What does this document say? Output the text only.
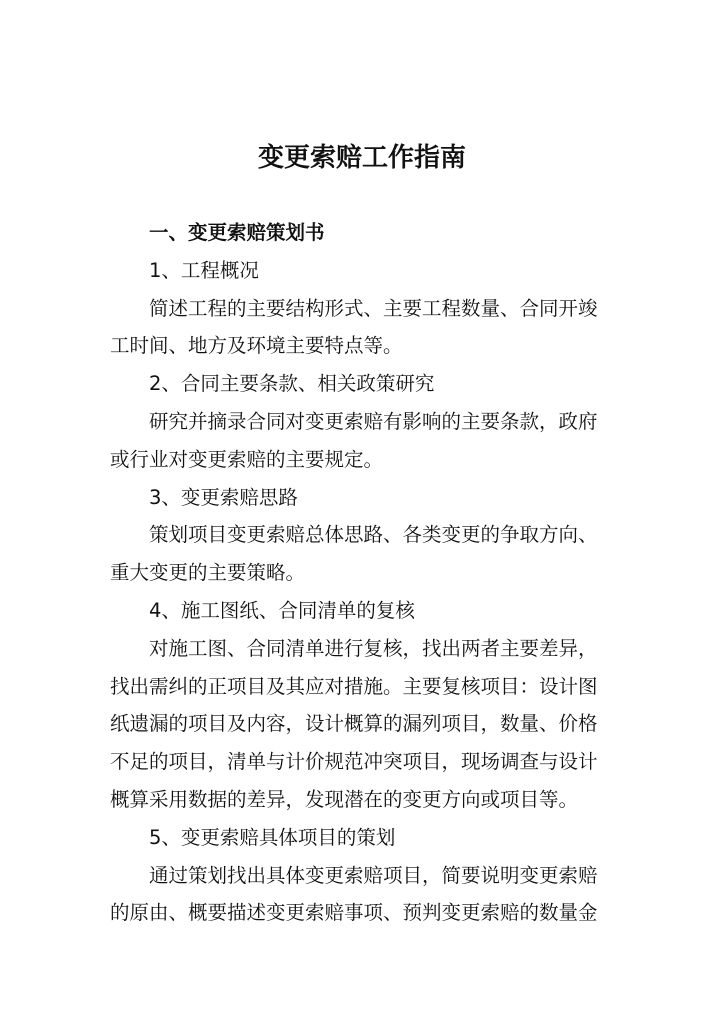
变更索赔工作指南
一、变更索赔策划书
1、工程概况
简述工程的主要结构形式、主要工程数量、合同开竣
工时间、地方及环境主要特点等。
2、合同主要条款、相关政策研究
研究并摘录合同对变更索赔有影响的主要条款，政府
或行业对变更索赔的主要规定。
3、变更索赔思路
策划项目变更索赔总体思路、各类变更的争取方向、
重大变更的主要策略。
4、施工图纸、合同清单的复核
对施工图、合同清单进行复核，找出两者主要差异，
找出需纠的正项目及其应对措施。主要复核项目：设计图
纸遗漏的项目及内容，设计概算的漏列项目，数量、价格
不足的项目，清单与计价规范冲突项目，现场调查与设计
概算采用数据的差异，发现潜在的变更方向或项目等。
5、变更索赔具体项目的策划
通过策划找出具体变更索赔项目，简要说明变更索赔
的原由、概要描述变更索赔事项、预判变更索赔的数量金
